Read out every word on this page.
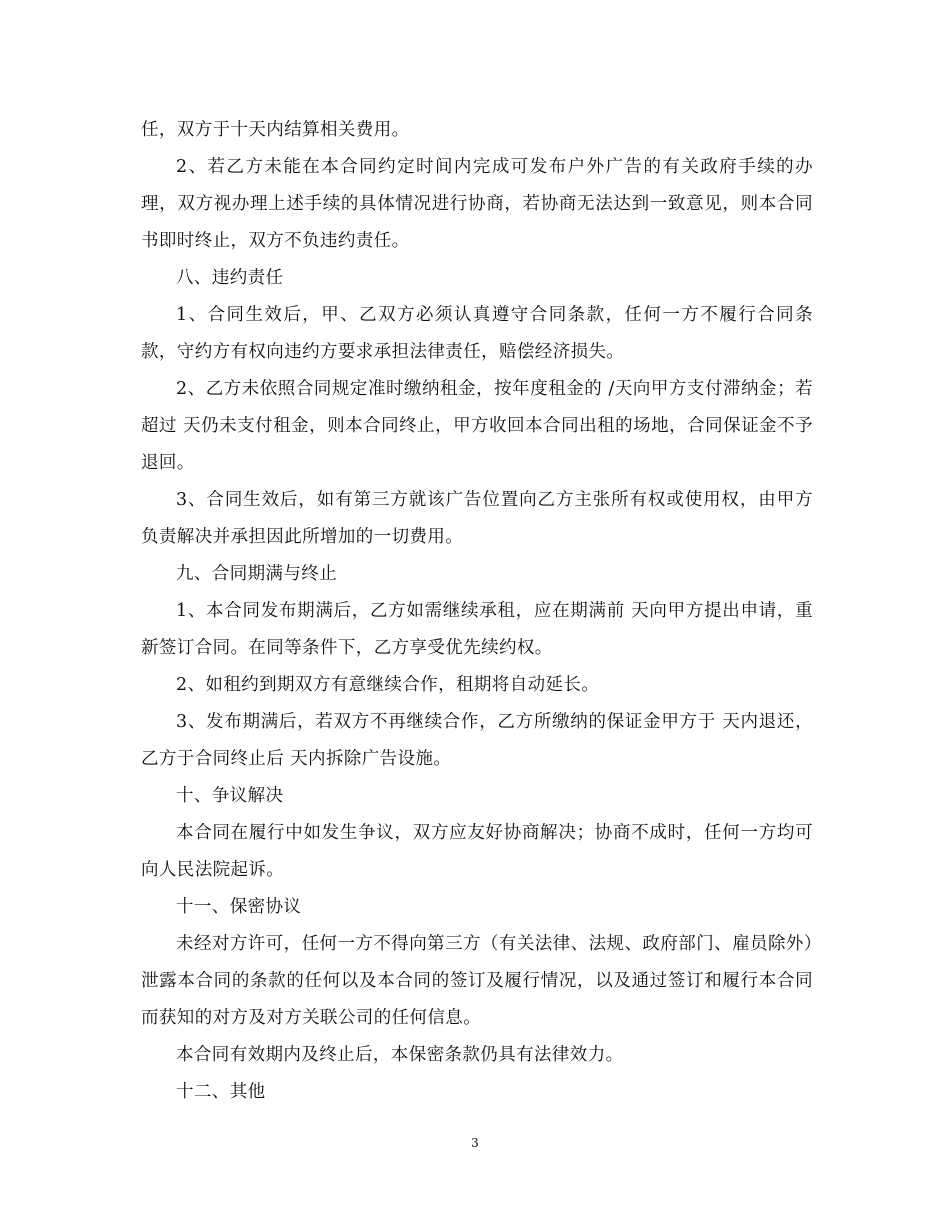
任，双方于十天内结算相关费用。

2、若乙方未能在本合同约定时间内完成可发布户外广告的有关政府手续的办理，双方视办理上述手续的具体情况进行协商，若协商无法达到一致意见，则本合同书即时终止，双方不负违约责任。

八、违约责任

1、合同生效后，甲、乙双方必须认真遵守合同条款，任何一方不履行合同条款，守约方有权向违约方要求承担法律责任，赔偿经济损失。

2、乙方未依照合同规定准时缴纳租金，按年度租金的 /天向甲方支付滞纳金；若超过 天仍未支付租金，则本合同终止，甲方收回本合同出租的场地，合同保证金不予退回。

3、合同生效后，如有第三方就该广告位置向乙方主张所有权或使用权，由甲方负责解决并承担因此所增加的一切费用。

九、合同期满与终止

1、本合同发布期满后，乙方如需继续承租，应在期满前 天向甲方提出申请，重新签订合同。在同等条件下，乙方享受优先续约权。

2、如租约到期双方有意继续合作，租期将自动延长。

3、发布期满后，若双方不再继续合作，乙方所缴纳的保证金甲方于 天内退还，乙方于合同终止后 天内拆除广告设施。

十、争议解决

本合同在履行中如发生争议，双方应友好协商解决；协商不成时，任何一方均可向人民法院起诉。

十一、保密协议

未经对方许可，任何一方不得向第三方（有关法律、法规、政府部门、雇员除外）泄露本合同的条款的任何以及本合同的签订及履行情况，以及通过签订和履行本合同而获知的对方及对方关联公司的任何信息。

本合同有效期内及终止后，本保密条款仍具有法律效力。

十二、其他

3
